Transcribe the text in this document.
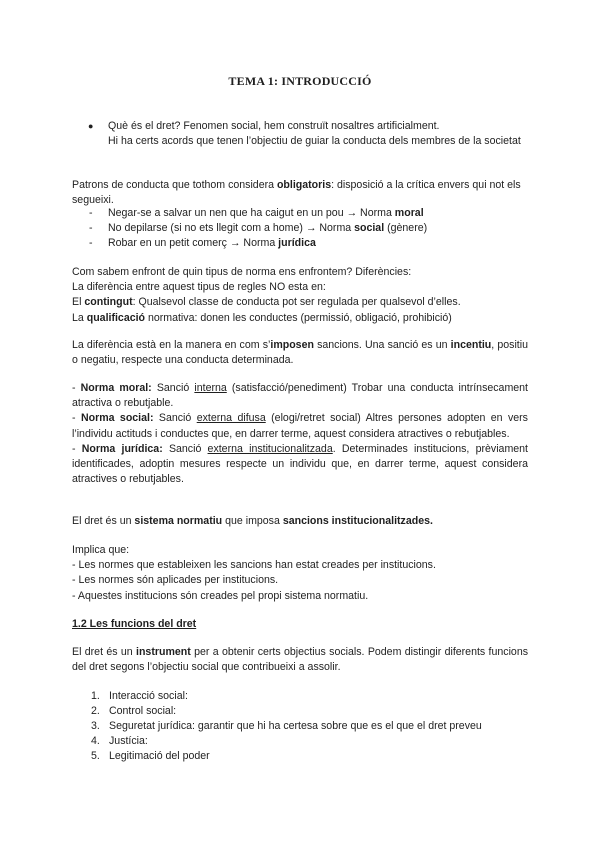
TEMA 1: INTRODUCCIÓ
● Què és el dret? Fenomen social, hem construït nosaltres artificialment.
Hi ha certs acords que tenen l’objectiu de guiar la conducta dels membres de la societat
Patrons de conducta que tothom considera obligatoris: disposició a la crítica envers qui not els segueixi.
- Negar-se a salvar un nen que ha caigut en un pou → Norma moral
- No depilarse (si no ets llegit com a home) → Norma social (gènere)
- Robar en un petit comerç → Norma jurídica
Com sabem enfront de quin tipus de norma ens enfrontem? Diferències:
La diferència entre aquest tipus de regles NO esta en:
El contingut: Qualsevol classe de conducta pot ser regulada per qualsevol d’elles.
La qualificació normativa: donen les conductes (permissió, obligació, prohibició)
La diferència està en la manera en com s’imposen sancions. Una sanció es un incentiu, positiu o negatiu, respecte una conducta determinada.
- Norma moral: Sanció interna (satisfacció/penediment) Trobar una conducta intrínsecament atractiva o rebutjable.
- Norma social: Sanció externa difusa (elogi/retret social) Altres persones adopten en vers l’individu actituds i conductes que, en darrer terme, aquest considera atractives o rebutjables.
- Norma jurídica: Sanció externa institucionalitzada. Determinades institucions, prèviament identificades, adoptin mesures respecte un individu que, en darrer terme, aquest considera atractives o rebutjables.
El dret és un sistema normatiu que imposa sancions institucionalitzades.
Implica que:
- Les normes que estableixen les sancions han estat creades per institucions.
- Les normes són aplicades per institucions.
- Aquestes institucions són creades pel propi sistema normatiu.
1.2 Les funcions del dret
El dret és un instrument per a obtenir certs objectius socials. Podem distingir diferents funcions del dret segons l’objectiu social que contribueixi a assolir.
1. Interacció social:
2. Control social:
3. Seguretat jurídica: garantir que hi ha certesa sobre que es el que el dret preveu
4. Justícia:
5. Legitimació del poder
